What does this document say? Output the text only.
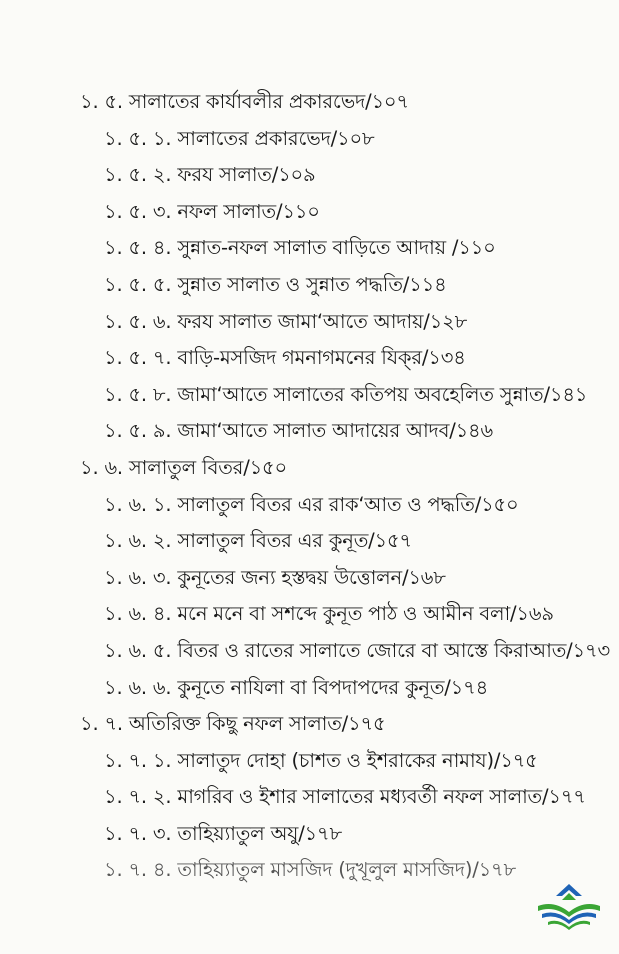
১. ৫. সালাতের কার্যাবলীর প্রকারভেদ/১০৭
১. ৫. ১. সালাতের প্রকারভেদ/১০৮
১. ৫. ২. ফরয সালাত/১০৯
১. ৫. ৩. নফল সালাত/১১০
১. ৫. ৪. সুন্নাত-নফল সালাত বাড়িতে আদায় /১১০
১. ৫. ৫. সুন্নাত সালাত ও সুন্নাত পদ্ধতি/১১৪
১. ৫. ৬. ফরয সালাত জামা‘আতে আদায়/১২৮
১. ৫. ৭. বাড়ি-মসজিদ গমনাগমনের যিক্‌র/১৩৪
১. ৫. ৮. জামা‘আতে সালাতের কতিপয় অবহেলিত সুন্নাত/১৪১
১. ৫. ৯. জামা‘আতে সালাত আদায়ের আদব/১৪৬
১. ৬. সালাতুল বিতর/১৫০
১. ৬. ১. সালাতুল বিতর এর রাক‘আত ও পদ্ধতি/১৫০
১. ৬. ২. সালাতুল বিতর এর কুনূত/১৫৭
১. ৬. ৩. কুনূতের জন্য হস্তদ্বয় উত্তোলন/১৬৮
১. ৬. ৪. মনে মনে বা সশব্দে কুনূত পাঠ ও আমীন বলা/১৬৯
১. ৬. ৫. বিতর ও রাতের সালাতে জোরে বা আস্তে কিরাআত/১৭৩
১. ৬. ৬. কুনূতে নাযিলা বা বিপদাপদের কুনূত/১৭৪
১. ৭. অতিরিক্ত কিছু নফল সালাত/১৭৫
১. ৭. ১. সালাতুদ দোহা (চাশত ও ইশরাকের নামায)/১৭৫
১. ৭. ২. মাগরিব ও ইশার সালাতের মধ্যবর্তী নফল সালাত/১৭৭
১. ৭. ৩. তাহিয়্যাতুল অযু/১৭৮
১. ৭. ৪. তাহিয়্যাতুল মাসজিদ (দুখূলুল মাসজিদ)/১৭৮
